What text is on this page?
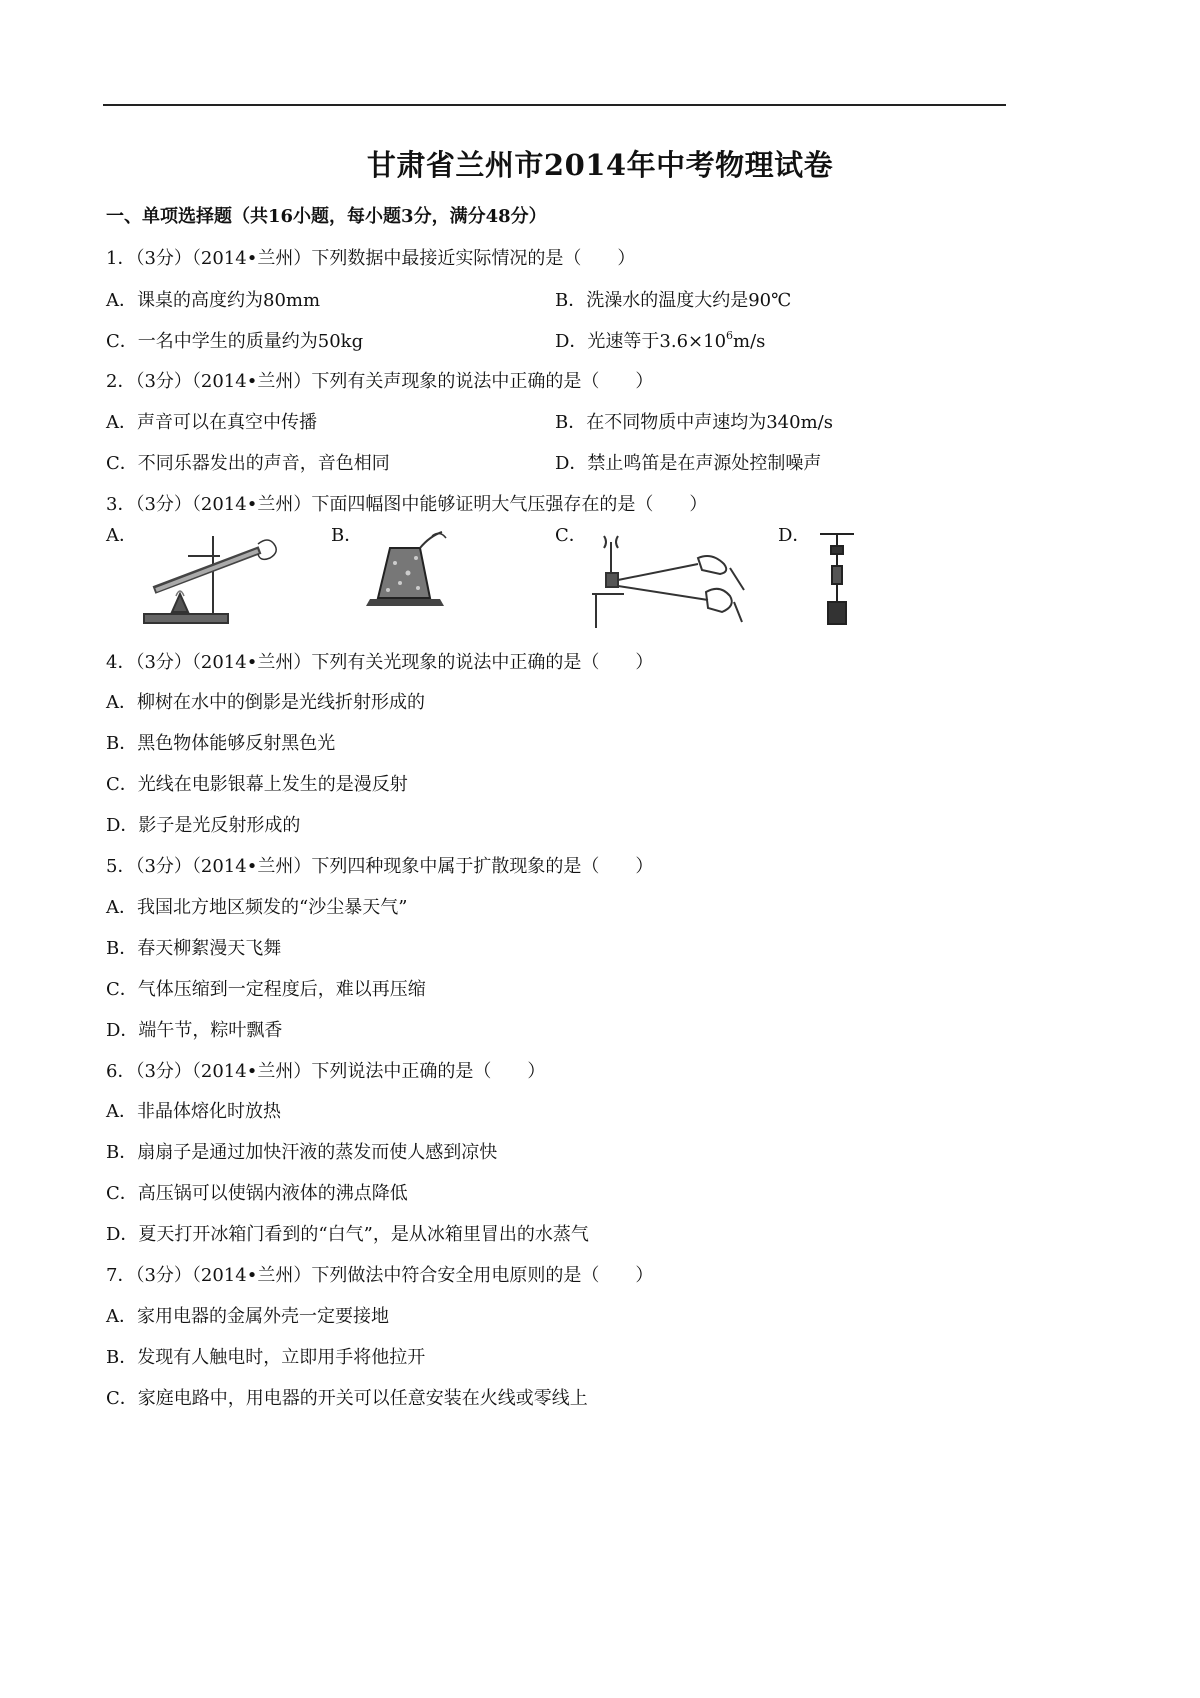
甘肃省兰州市2014年中考物理试卷
一、单项选择题（共16小题，每小题3分，满分48分）
1．（3分）（2014•兰州）下列数据中最接近实际情况的是（　　）
A．课桌的高度约为80mm	B．洗澡水的温度大约是90℃
C．一名中学生的质量约为50kg	D．光速等于$3.6\times 10^6m/s$
2．（3分）（2014•兰州）下列有关声现象的说法中正确的是（　　）
A．声音可以在真空中传播	B．在不同物质中声速均为340m/s
C．不同乐器发出的声音，音色相同	D．禁止鸣笛是在声源处控制噪声
3．（3分）（2014•兰州）下面四幅图中能够证明大气压强存在的是（　　）
A．	B．	C．	D．
4．（3分）（2014•兰州）下列有关光现象的说法中正确的是（　　）
A．柳树在水中的倒影是光线折射形成的
B．黑色物体能够反射黑色光
C．光线在电影银幕上发生的是漫反射
D．影子是光反射形成的
5．（3分）（2014•兰州）下列四种现象中属于扩散现象的是（　　）
A．我国北方地区频发的“沙尘暴天气”
B．春天柳絮漫天飞舞
C．气体压缩到一定程度后，难以再压缩
D．端午节，粽叶飘香
6．（3分）（2014•兰州）下列说法中正确的是（　　）
A．非晶体熔化时放热
B．扇扇子是通过加快汗液的蒸发而使人感到凉快
C．高压锅可以使锅内液体的沸点降低
D．夏天打开冰箱门看到的“白气”，是从冰箱里冒出的水蒸气
7．（3分）（2014•兰州）下列做法中符合安全用电原则的是（　　）
A．家用电器的金属外壳一定要接地
B．发现有人触电时，立即用手将他拉开
C．家庭电路中，用电器的开关可以任意安装在火线或零线上
